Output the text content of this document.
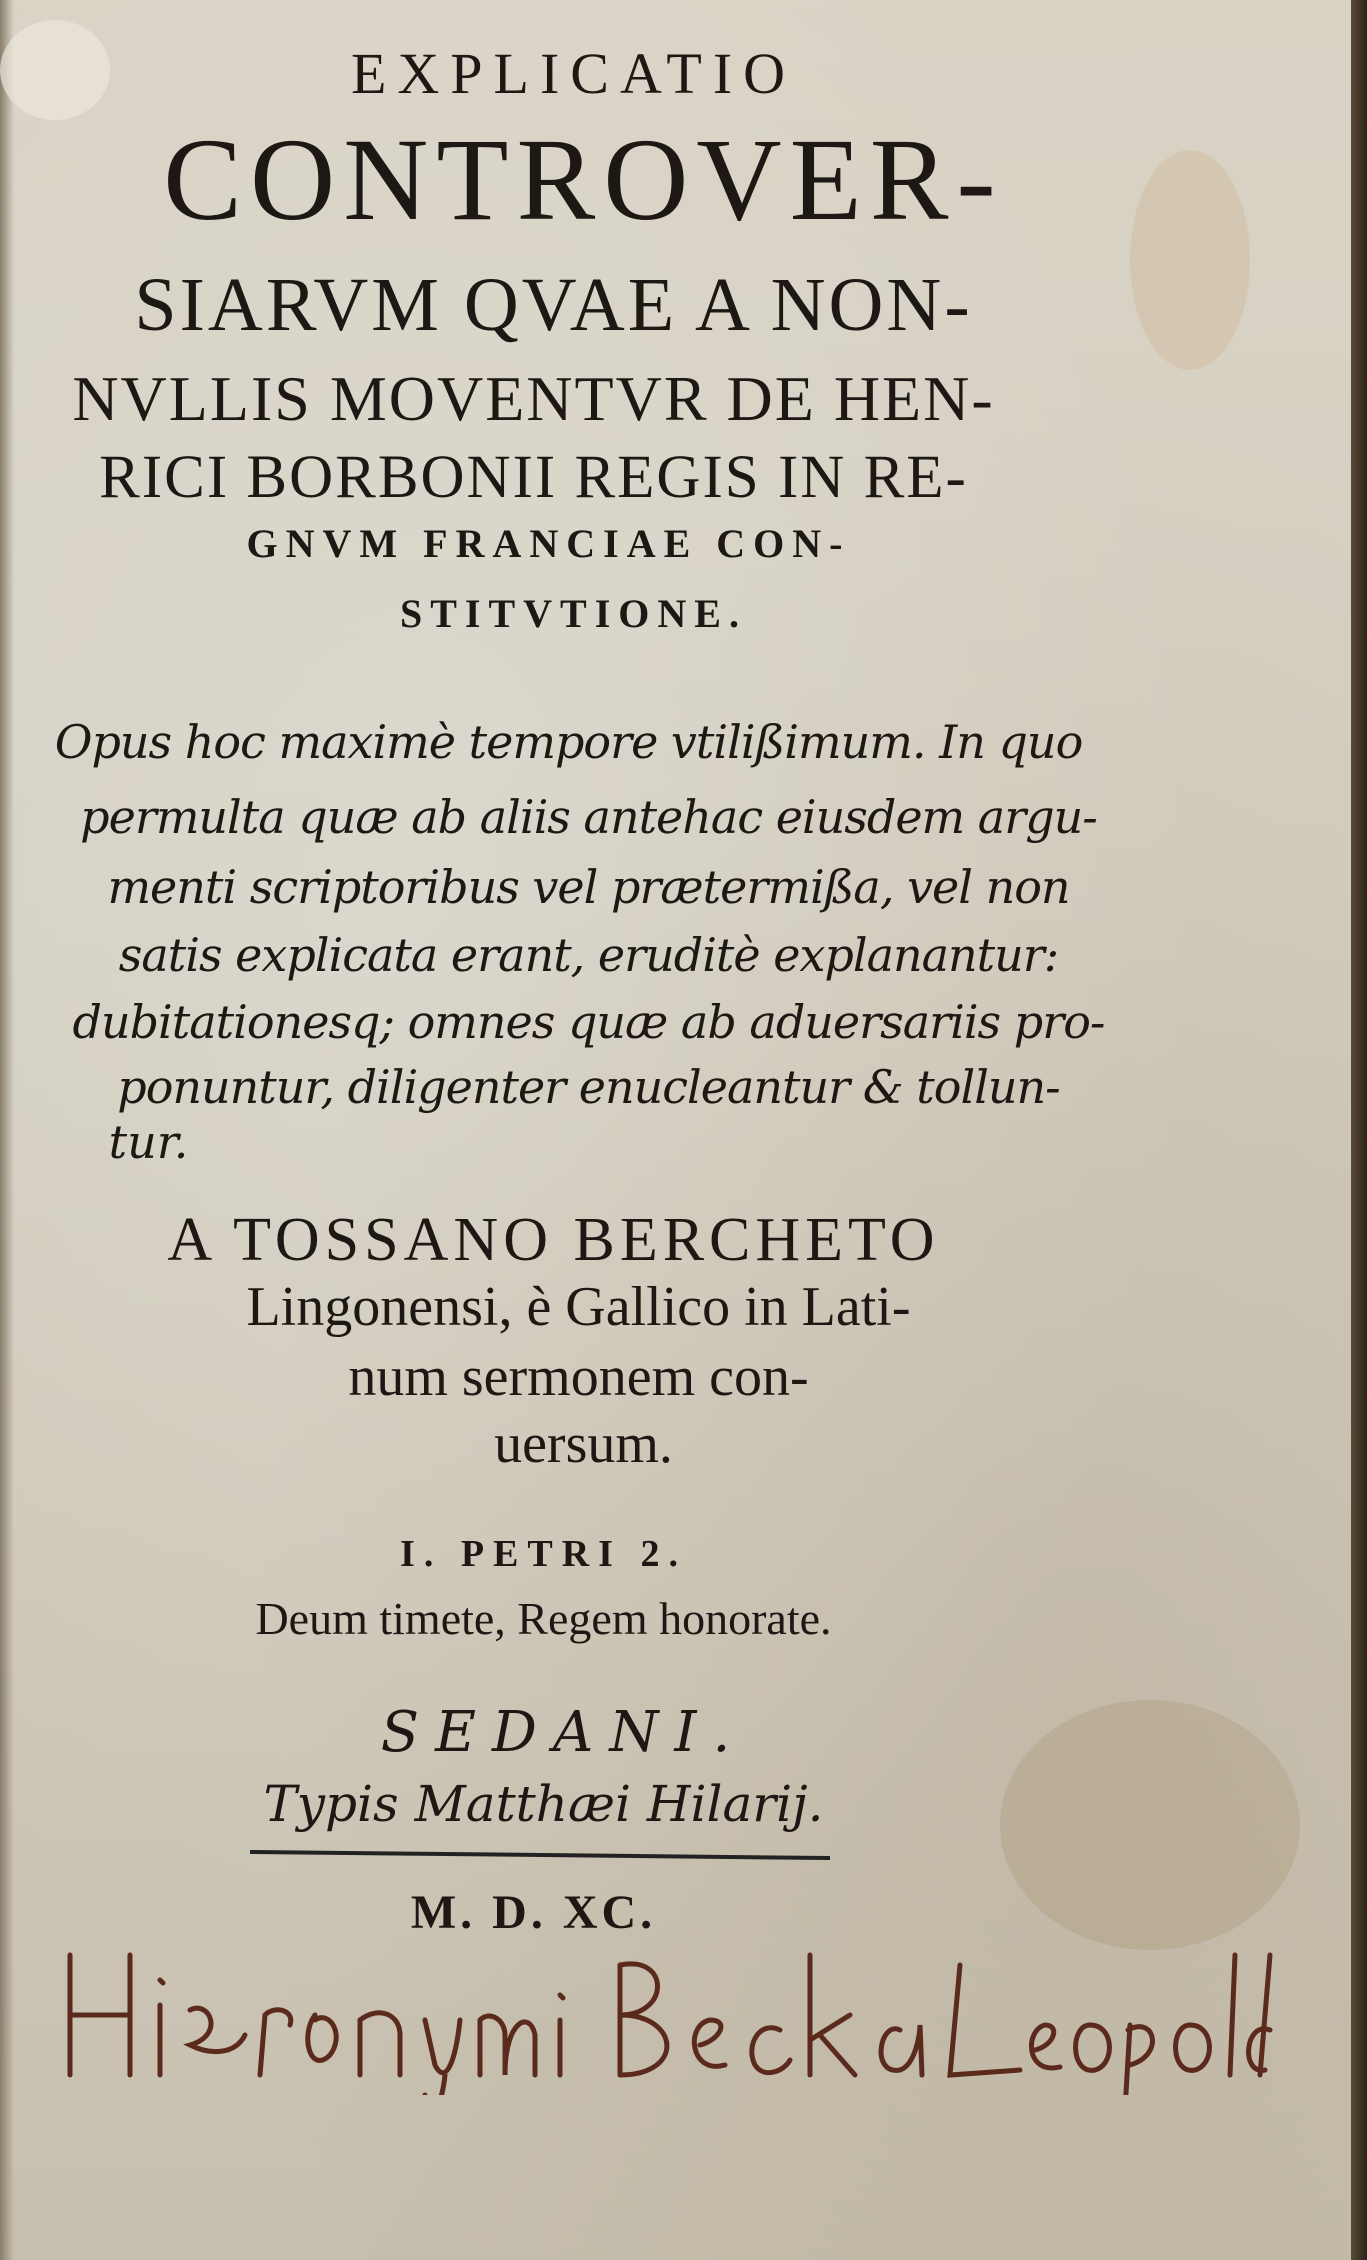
EXPLICATIO
CONTROVER-
SIARVM QVAE A NON-
NVLLIS MOVENTVR DE HEN-
RICI BORBONII REGIS IN RE-
GNVM FRANCIAE CON-
STITVTIONE.
Opus hoc maximè tempore vtilißimum. In quo
permulta quæ ab aliis antehac eiusdem argu-
menti scriptoribus vel prætermißa, vel non
satis explicata erant, eruditè explanantur:
dubitationesq; omnes quæ ab aduersariis pro-
ponuntur, diligenter enucleantur & tollun-
tur.
A TOSSANO BERCHETO
Lingonensi, è Gallico in Lati-
num sermonem con-
uersum.
I. PETRI 2.
Deum timete, Regem honorate.
SEDANI.
Typis Matthæi Hilarij.
M. D. XC.
